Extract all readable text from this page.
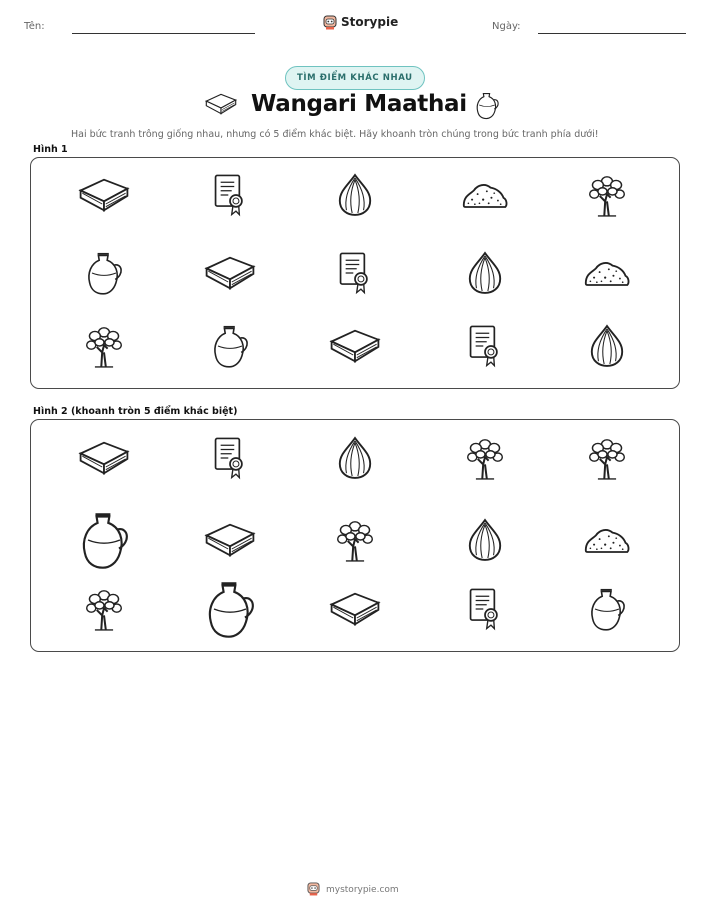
Tên:	Storypie	Ngày:
TÌM ĐIỂM KHÁC NHAU
Wangari Maathai
Hai bức tranh trông giống nhau, nhưng có 5 điểm khác biệt. Hãy khoanh tròn chúng trong bức tranh phía dưới!
Hình 1
Hình 2 (khoanh tròn 5 điểm khác biệt)
mystorypie.com
